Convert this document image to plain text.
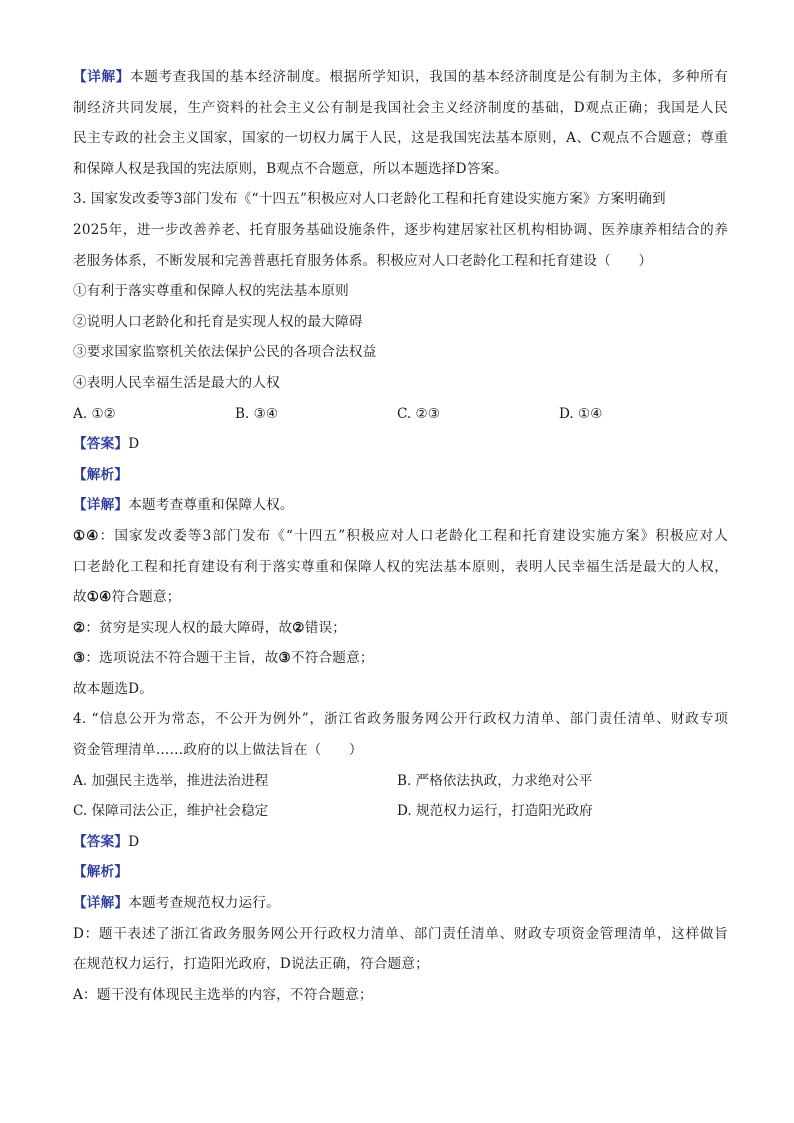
【详解】本题考查我国的基本经济制度。根据所学知识，我国的基本经济制度是公有制为主体，多种所有
制经济共同发展，生产资料的社会主义公有制是我国社会主义经济制度的基础，D观点正确；我国是人民
民主专政的社会主义国家，国家的一切权力属于人民，这是我国宪法基本原则，A、C观点不合题意；尊重
和保障人权是我国的宪法原则，B观点不合题意，所以本题选择D答案。
3. 国家发改委等3部门发布《“十四五”积极应对人口老龄化工程和托育建设实施方案》方案明确到
2025年，进一步改善养老、托育服务基础设施条件，逐步构建居家社区机构相协调、医养康养相结合的养
老服务体系，不断发展和完善普惠托育服务体系。积极应对人口老龄化工程和托育建设（　　）
①有利于落实尊重和保障人权的宪法基本原则
②说明人口老龄化和托育是实现人权的最大障碍
③要求国家监察机关依法保护公民的各项合法权益
④表明人民幸福生活是最大的人权
A. ①②	B. ③④	C. ②③	D. ①④
【答案】D
【解析】
【详解】本题考查尊重和保障人权。
①④：国家发改委等3部门发布《“十四五”积极应对人口老龄化工程和托育建设实施方案》积极应对人
口老龄化工程和托育建设有利于落实尊重和保障人权的宪法基本原则，表明人民幸福生活是最大的人权，
故①④符合题意；
②：贫穷是实现人权的最大障碍，故②错误；
③：选项说法不符合题干主旨，故③不符合题意；
故本题选D。
4. “信息公开为常态，不公开为例外”，浙江省政务服务网公开行政权力清单、部门责任清单、财政专项
资金管理清单……政府的以上做法旨在（　　）
A. 加强民主选举，推进法治进程	B. 严格依法执政，力求绝对公平
C. 保障司法公正，维护社会稳定	D. 规范权力运行，打造阳光政府
【答案】D
【解析】
【详解】本题考查规范权力运行。
D：题干表述了浙江省政务服务网公开行政权力清单、部门责任清单、财政专项资金管理清单，这样做旨
在规范权力运行，打造阳光政府，D说法正确，符合题意；
A：题干没有体现民主选举的内容，不符合题意；
